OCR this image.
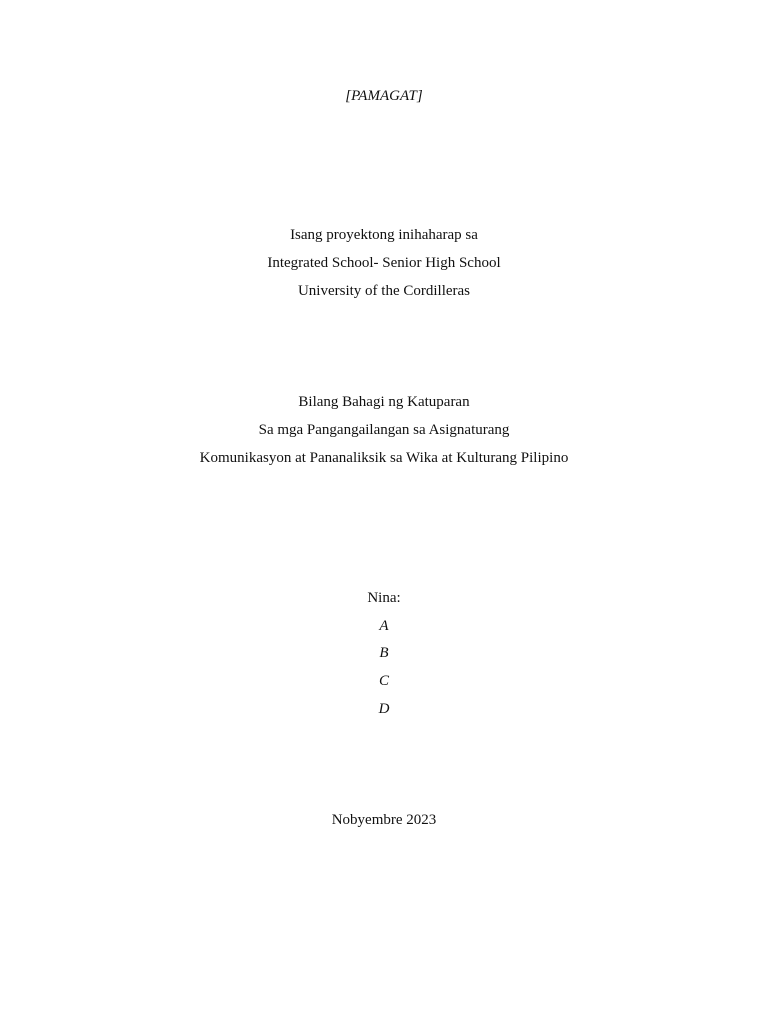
[PAMAGAT]
Isang proyektong inihaharap sa
Integrated School- Senior High School
University of the Cordilleras
Bilang Bahagi ng Katuparan
Sa mga Pangangailangan sa Asignaturang
Komunikasyon at Pananaliksik sa Wika at Kulturang Pilipino
Nina:
A
B
C
D
Nobyembre 2023
